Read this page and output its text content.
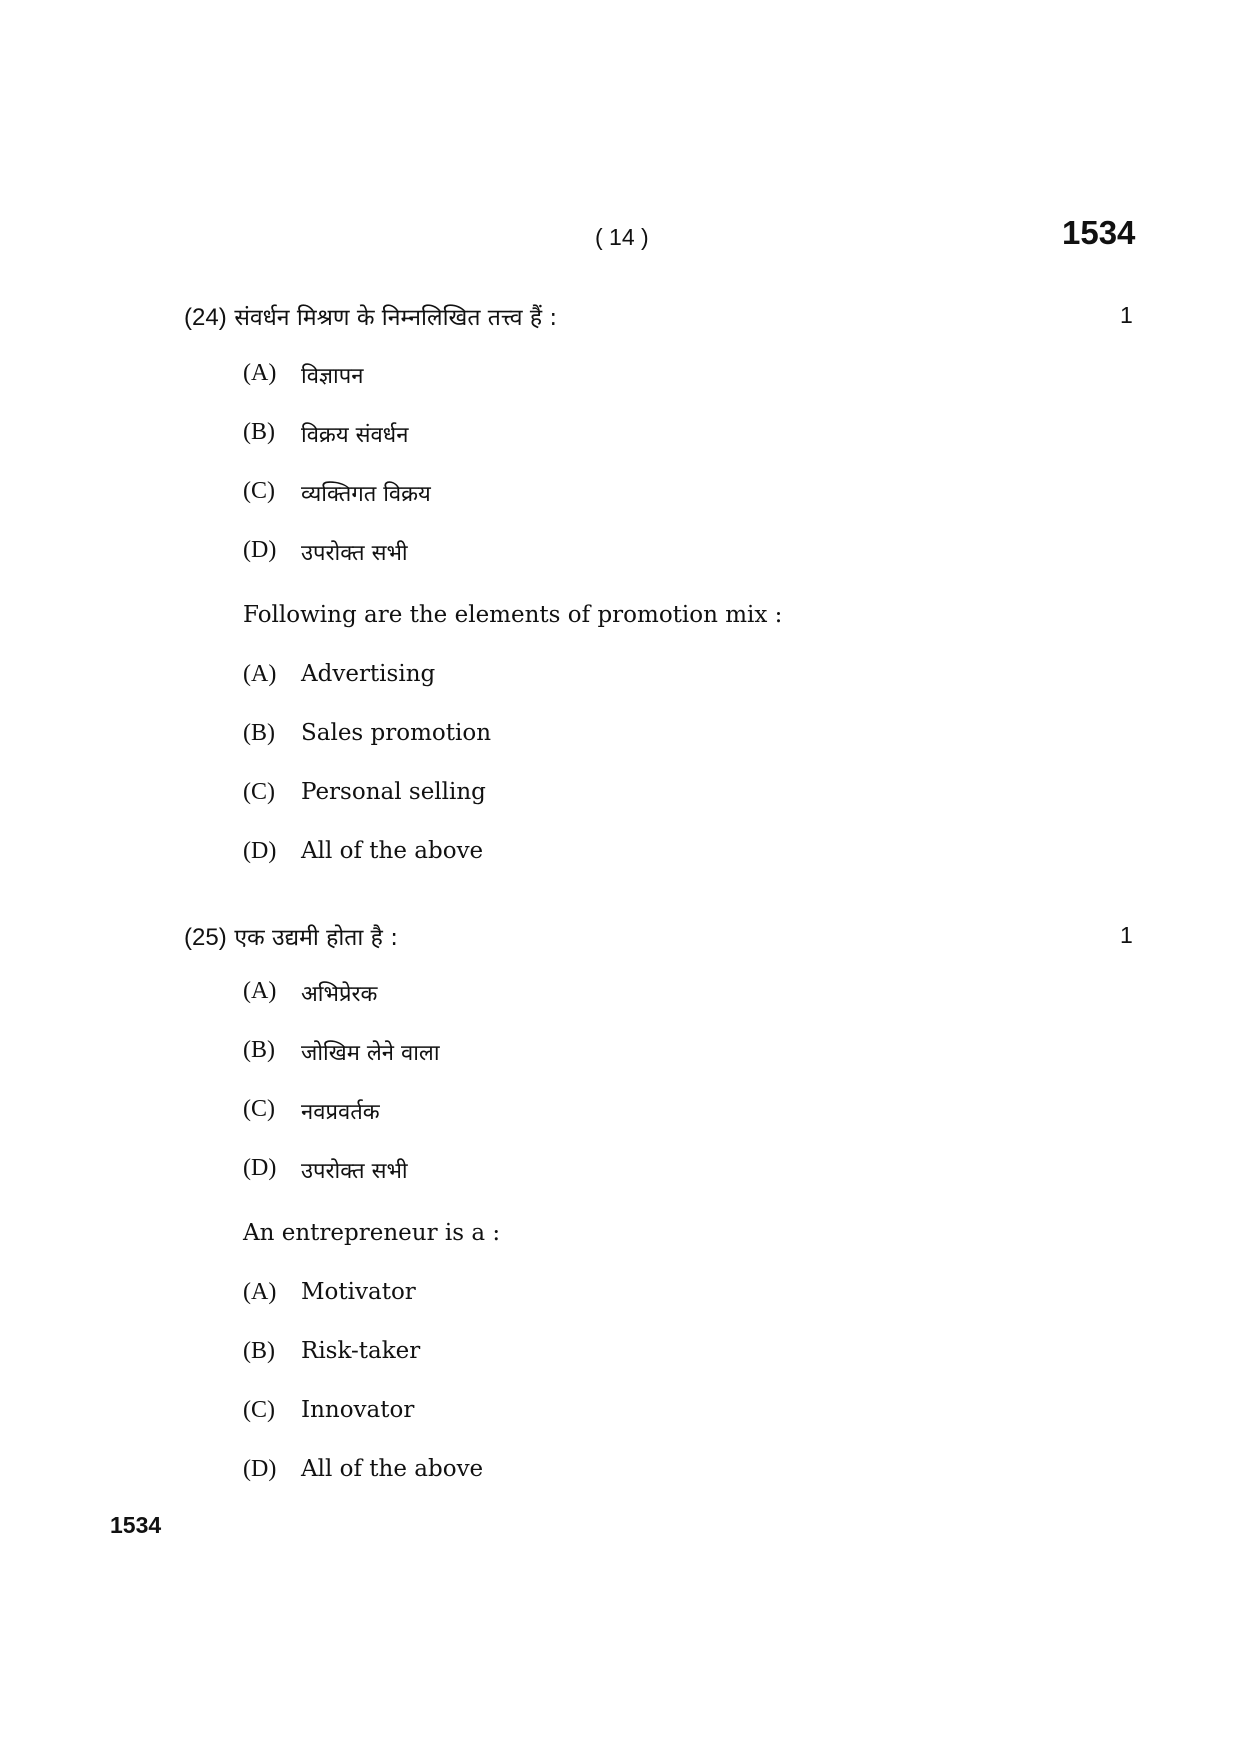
( 14 )	1534
(24) संवर्धन मिश्रण के निम्नलिखित तत्त्व हैं :	1
(A) विज्ञापन
(B) विक्रय संवर्धन
(C) व्यक्तिगत विक्रय
(D) उपरोक्त सभी
Following are the elements of promotion mix :
(A) Advertising
(B) Sales promotion
(C) Personal selling
(D) All of the above
(25) एक उद्यमी होता है :	1
(A) अभिप्रेरक
(B) जोखिम लेने वाला
(C) नवप्रवर्तक
(D) उपरोक्त सभी
An entrepreneur is a :
(A) Motivator
(B) Risk-taker
(C) Innovator
(D) All of the above
1534
